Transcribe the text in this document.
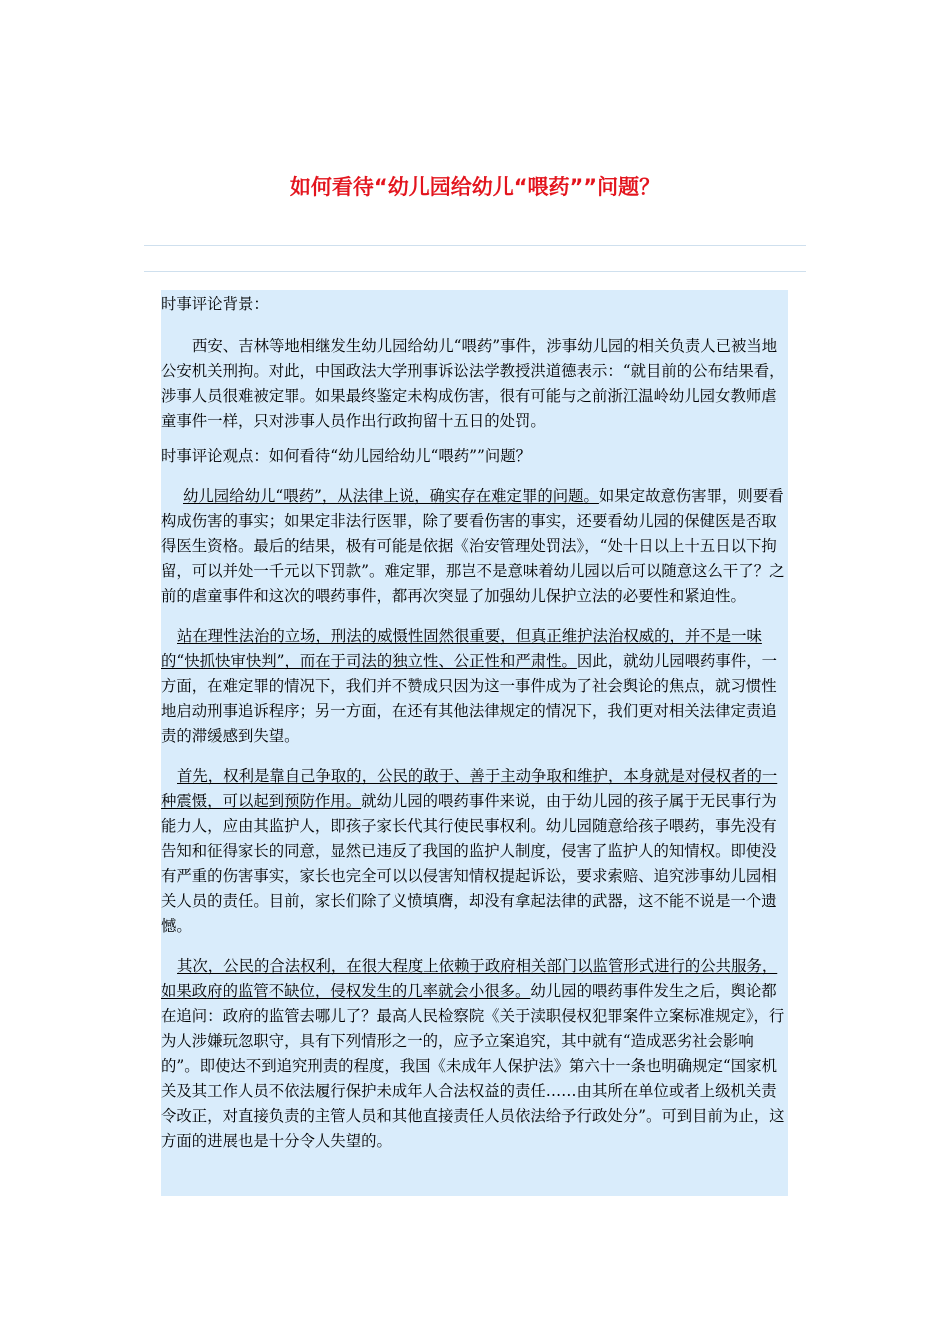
如何看待“幼儿园给幼儿“喂药””问题？

时事评论背景：

西安、吉林等地相继发生幼儿园给幼儿“喂药”事件，涉事幼儿园的相关负责人已被当地公安机关刑拘。对此，中国政法大学刑事诉讼法学教授洪道德表示：“就目前的公布结果看，涉事人员很难被定罪。如果最终鉴定未构成伤害，很有可能与之前浙江温岭幼儿园女教师虐童事件一样，只对涉事人员作出行政拘留十五日的处罚。

时事评论观点：如何看待“幼儿园给幼儿“喂药””问题？

幼儿园给幼儿“喂药”，从法律上说，确实存在难定罪的问题。如果定故意伤害罪，则要看构成伤害的事实；如果定非法行医罪，除了要看伤害的事实，还要看幼儿园的保健医是否取得医生资格。最后的结果，极有可能是依据《治安管理处罚法》，“处十日以上十五日以下拘留，可以并处一千元以下罚款”。难定罪，那岂不是意味着幼儿园以后可以随意这么干了？之前的虐童事件和这次的喂药事件，都再次突显了加强幼儿保护立法的必要性和紧迫性。

站在理性法治的立场，刑法的威慑性固然很重要，但真正维护法治权威的，并不是一味的“快抓快审快判”，而在于司法的独立性、公正性和严肃性。因此，就幼儿园喂药事件，一方面，在难定罪的情况下，我们并不赞成只因为这一事件成为了社会舆论的焦点，就习惯性地启动刑事追诉程序；另一方面，在还有其他法律规定的情况下，我们更对相关法律定责追责的滞缓感到失望。

首先，权利是靠自己争取的，公民的敢于、善于主动争取和维护，本身就是对侵权者的一种震慑，可以起到预防作用。就幼儿园的喂药事件来说，由于幼儿园的孩子属于无民事行为能力人，应由其监护人，即孩子家长代其行使民事权利。幼儿园随意给孩子喂药，事先没有告知和征得家长的同意，显然已违反了我国的监护人制度，侵害了监护人的知情权。即使没有严重的伤害事实，家长也完全可以以侵害知情权提起诉讼，要求索赔、追究涉事幼儿园相关人员的责任。目前，家长们除了义愤填膺，却没有拿起法律的武器，这不能不说是一个遗憾。

其次，公民的合法权利，在很大程度上依赖于政府相关部门以监管形式进行的公共服务，如果政府的监管不缺位，侵权发生的几率就会小很多。幼儿园的喂药事件发生之后，舆论都在追问：政府的监管去哪儿了？最高人民检察院《关于渎职侵权犯罪案件立案标准规定》，行为人涉嫌玩忽职守，具有下列情形之一的，应予立案追究，其中就有“造成恶劣社会影响的”。即使达不到追究刑责的程度，我国《未成年人保护法》第六十一条也明确规定“国家机关及其工作人员不依法履行保护未成年人合法权益的责任……由其所在单位或者上级机关责令改正，对直接负责的主管人员和其他直接责任人员依法给予行政处分”。可到目前为止，这方面的进展也是十分令人失望的。
